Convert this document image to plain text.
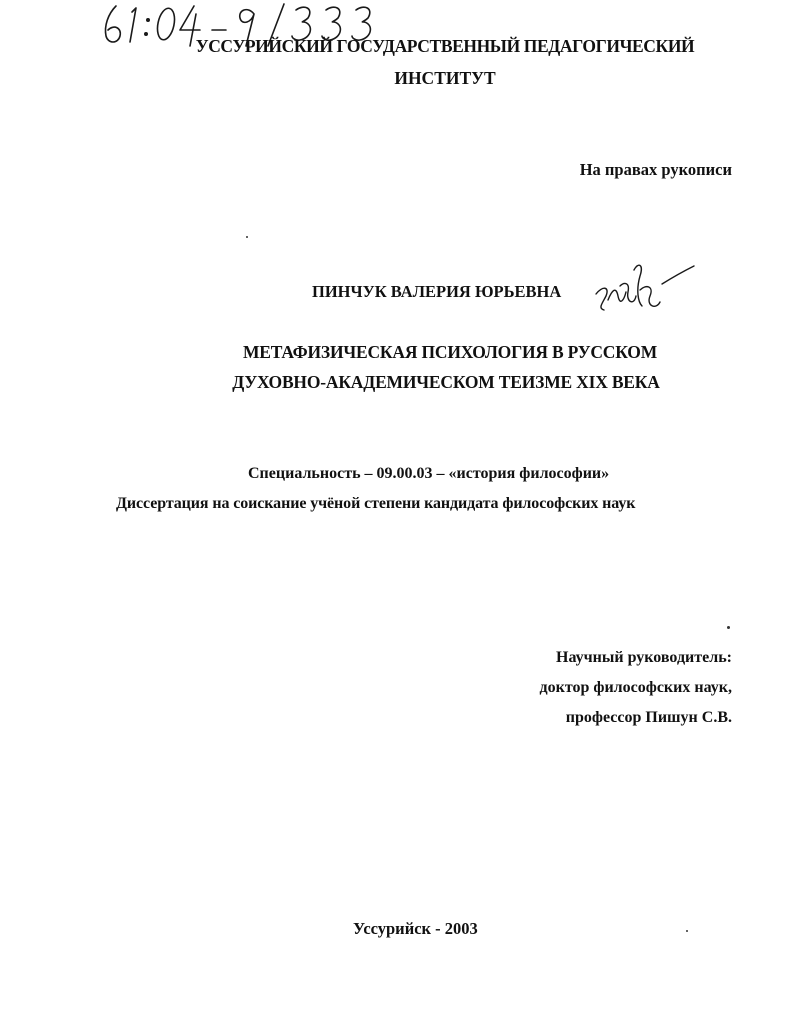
УССУРИЙСКИЙ ГОСУДАРСТВЕННЫЙ ПЕДАГОГИЧЕСКИЙ
ИНСТИТУТ
На правах рукописи
ПИНЧУК ВАЛЕРИЯ ЮРЬЕВНА
МЕТАФИЗИЧЕСКАЯ ПСИХОЛОГИЯ В РУССКОМ
ДУХОВНО-АКАДЕМИЧЕСКОМ ТЕИЗМЕ XIX ВЕКА
Специальность – 09.00.03 – «история философии»
Диссертация на соискание учёной степени кандидата философских наук
Научный руководитель:
доктор философских наук,
профессор Пишун С.В.
Уссурийск - 2003
